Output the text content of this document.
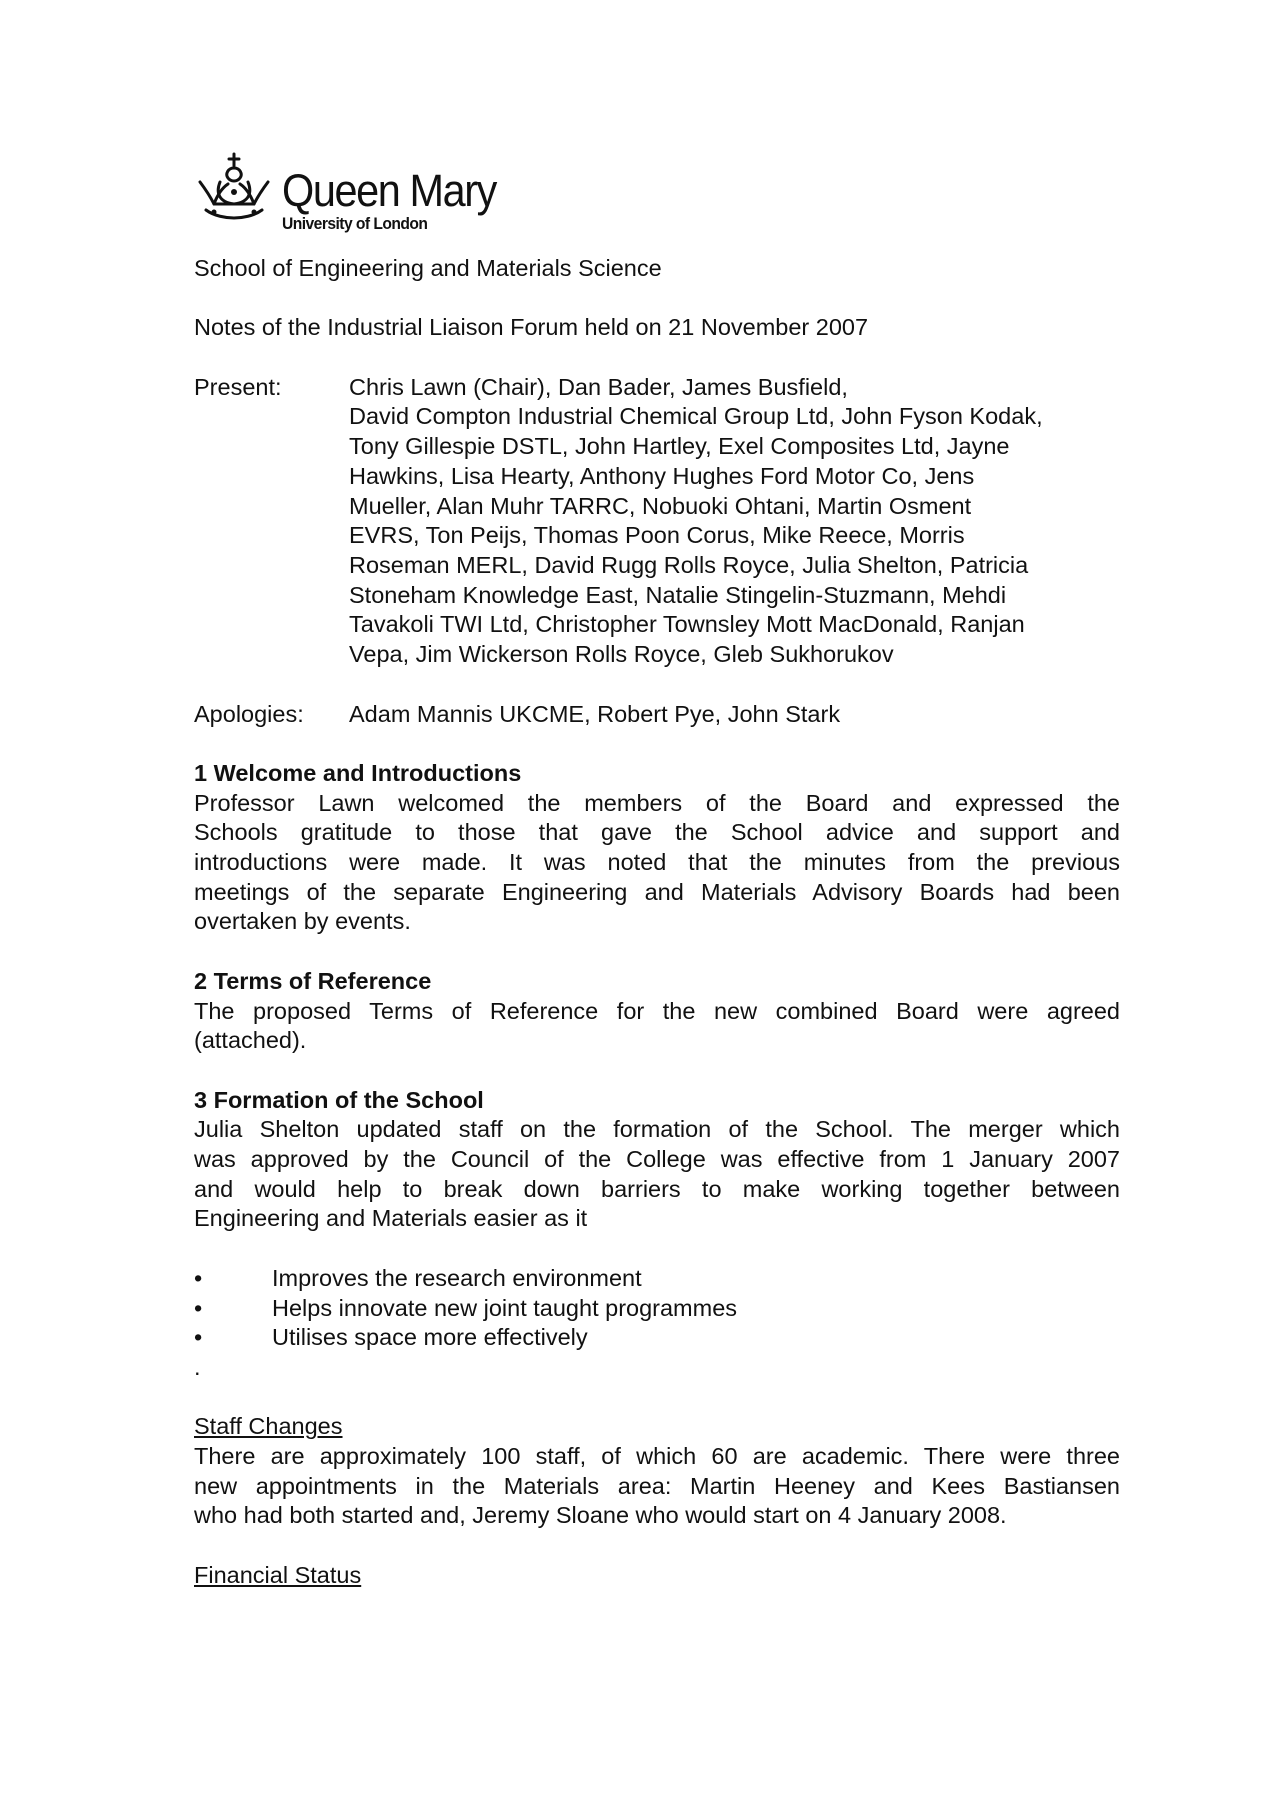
Queen Mary
University of London

School of Engineering and Materials Science

Notes of the Industrial Liaison Forum held on 21 November 2007

Present:	Chris Lawn (Chair), Dan Bader, James Busfield,
David Compton Industrial Chemical Group Ltd, John Fyson Kodak,
Tony Gillespie DSTL, John Hartley, Exel Composites Ltd, Jayne
Hawkins, Lisa Hearty, Anthony Hughes Ford Motor Co, Jens
Mueller, Alan Muhr TARRC, Nobuoki Ohtani, Martin Osment
EVRS, Ton Peijs, Thomas Poon Corus, Mike Reece, Morris
Roseman MERL, David Rugg Rolls Royce, Julia Shelton, Patricia
Stoneham Knowledge East, Natalie Stingelin-Stuzmann, Mehdi
Tavakoli TWI Ltd, Christopher Townsley Mott MacDonald, Ranjan
Vepa, Jim Wickerson Rolls Royce, Gleb Sukhorukov
Apologies:	Adam Mannis UKCME, Robert Pye, John Stark

1 Welcome and Introductions

Professor Lawn welcomed the members of the Board and expressed the
Schools gratitude to those that gave the School advice and support and
introductions were made. It was noted that the minutes from the previous
meetings of the separate Engineering and Materials Advisory Boards had been
overtaken by events.

2 Terms of Reference

The proposed Terms of Reference for the new combined Board were agreed
(attached).

3 Formation of the School

Julia Shelton updated staff on the formation of the School. The merger which
was approved by the Council of the College was effective from 1 January 2007
and would help to break down barriers to make working together between
Engineering and Materials easier as it

•	Improves the research environment
•	Helps innovate new joint taught programmes
•	Utilises space more effectively

.

Staff Changes

There are approximately 100 staff, of which 60 are academic. There were three
new appointments in the Materials area: Martin Heeney and Kees Bastiansen
who had both started and, Jeremy Sloane who would start on 4 January 2008.

Financial Status
